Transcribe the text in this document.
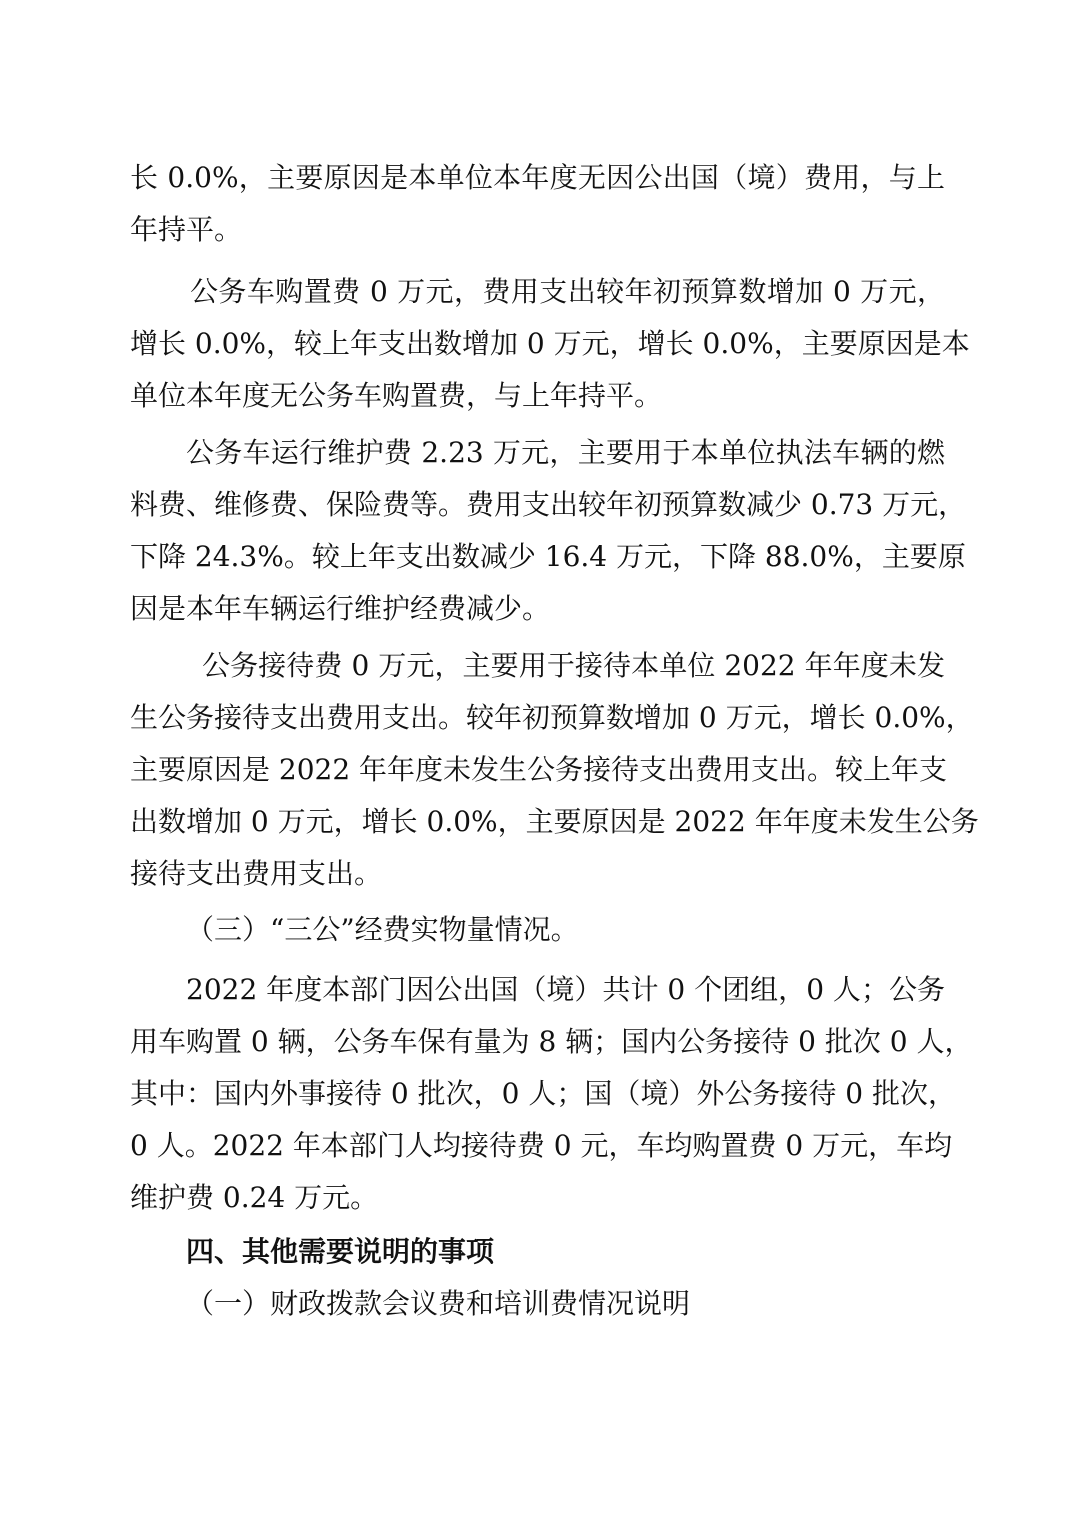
长 0.0%，主要原因是本单位本年度无因公出国（境）费用，与上
年持平。
公务车购置费 0 万元，费用支出较年初预算数增加 0 万元，
增长 0.0%，较上年支出数增加 0 万元，增长 0.0%，主要原因是本
单位本年度无公务车购置费，与上年持平。
公务车运行维护费 2.23 万元，主要用于本单位执法车辆的燃
料费、维修费、保险费等。费用支出较年初预算数减少 0.73 万元，
下降 24.3%。较上年支出数减少 16.4 万元，下降 88.0%，主要原
因是本年车辆运行维护经费减少。
公务接待费 0 万元，主要用于接待本单位 2022 年年度未发
生公务接待支出费用支出。较年初预算数增加 0 万元，增长 0.0%，
主要原因是 2022 年年度未发生公务接待支出费用支出。较上年支
出数增加 0 万元，增长 0.0%，主要原因是 2022 年年度未发生公务
接待支出费用支出。
（三）“三公”经费实物量情况。
2022 年度本部门因公出国（境）共计 0 个团组，0 人；公务
用车购置 0 辆，公务车保有量为 8 辆；国内公务接待 0 批次 0 人，
其中：国内外事接待 0 批次，0 人；国（境）外公务接待 0 批次，
0 人。2022 年本部门人均接待费 0 元，车均购置费 0 万元，车均
维护费 0.24 万元。
四、其他需要说明的事项
（一）财政拨款会议费和培训费情况说明
